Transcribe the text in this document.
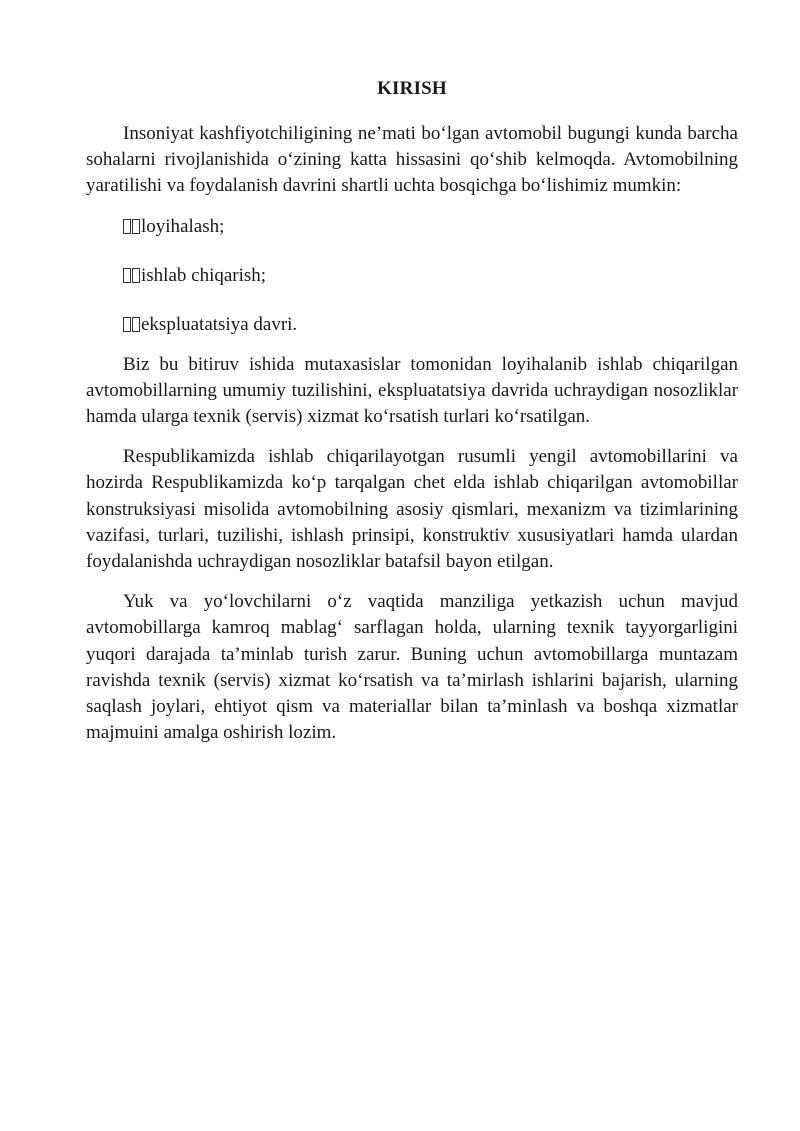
KIRISH

Insoniyat kashfiyotchiligining ne’mati bo‘lgan avtomobil bugungi kunda barcha sohalarni rivojlanishida o‘zining katta hissasini qo‘shib kelmoqda. Avtomobilning yaratilishi va foydalanish davrini shartli uchta bosqichga bo‘lishimiz mumkin:

loyihalash;
ishlab chiqarish;
ekspluatatsiya davri.

Biz bu bitiruv ishida mutaxasislar tomonidan loyihalanib ishlab chiqarilgan avtomobillarning umumiy tuzilishini, ekspluatatsiya davrida uchraydigan nosozliklar hamda ularga texnik (servis) xizmat ko‘rsatish turlari ko‘rsatilgan.

Respublikamizda ishlab chiqarilayotgan rusumli yengil avtomobillarini va hozirda Respublikamizda ko‘p tarqalgan chet elda ishlab chiqarilgan avtomobillar konstruksiyasi misolida avtomobilning asosiy qismlari, mexanizm va tizimlarining vazifasi, turlari, tuzilishi, ishlash prinsipi, konstruktiv xususiyatlari hamda ulardan foydalanishda uchraydigan nosozliklar batafsil bayon etilgan.

Yuk va yo‘lovchilarni o‘z vaqtida manziliga yetkazish uchun mavjud avtomobillarga kamroq mablag‘ sarflagan holda, ularning texnik tayyorgarligini yuqori darajada ta’minlab turish zarur. Buning uchun avtomobillarga muntazam ravishda texnik (servis) xizmat ko‘rsatish va ta’mirlash ishlarini bajarish, ularning saqlash joylari, ehtiyot qism va materiallar bilan ta’minlash va boshqa xizmatlar majmuini amalga oshirish lozim.
